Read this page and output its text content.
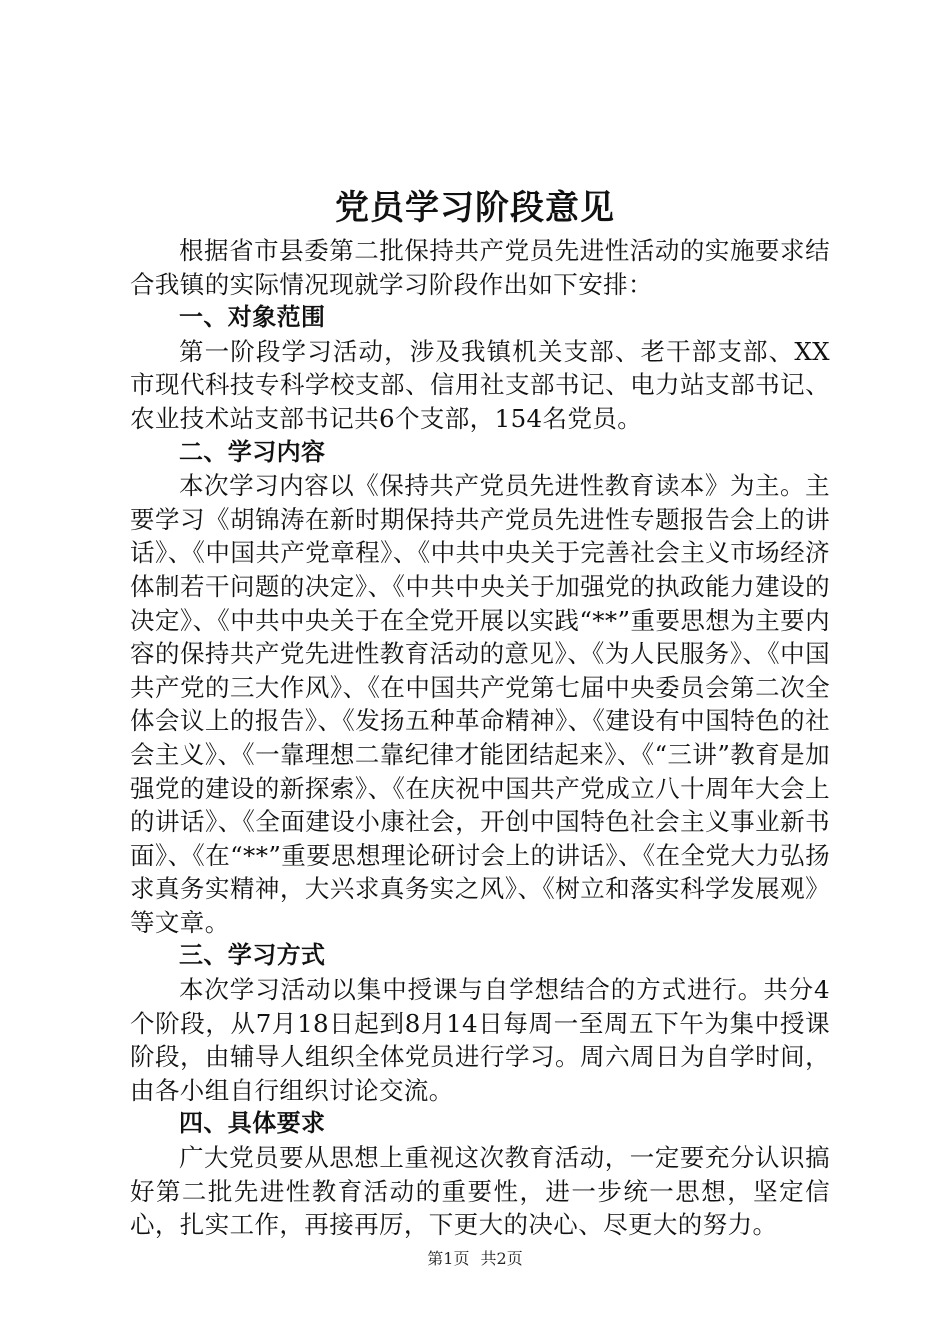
党员学习阶段意见

根据省市县委第二批保持共产党员先进性活动的实施要求结合我镇的实际情况现就学习阶段作出如下安排：

一、对象范围

第一阶段学习活动，涉及我镇机关支部、老干部支部、XX市现代科技专科学校支部、信用社支部书记、电力站支部书记、农业技术站支部书记共6个支部，154名党员。

二、学习内容

本次学习内容以《保持共产党员先进性教育读本》为主。主要学习《胡锦涛在新时期保持共产党员先进性专题报告会上的讲话》、《中国共产党章程》、《中共中央关于完善社会主义市场经济体制若干问题的决定》、《中共中央关于加强党的执政能力建设的决定》、《中共中央关于在全党开展以实践“**”重要思想为主要内容的保持共产党先进性教育活动的意见》、《为人民服务》、《中国共产党的三大作风》、《在中国共产党第七届中央委员会第二次全体会议上的报告》、《发扬五种革命精神》、《建设有中国特色的社会主义》、《一靠理想二靠纪律才能团结起来》、《“三讲”教育是加强党的建设的新探索》、《在庆祝中国共产党成立八十周年大会上的讲话》、《全面建设小康社会，开创中国特色社会主义事业新书面》、《在“**”重要思想理论研讨会上的讲话》、《在全党大力弘扬求真务实精神，大兴求真务实之风》、《树立和落实科学发展观》等文章。

三、学习方式

本次学习活动以集中授课与自学想结合的方式进行。共分4个阶段，从7月18日起到8月14日每周一至周五下午为集中授课阶段，由辅导人组织全体党员进行学习。周六周日为自学时间，由各小组自行组织讨论交流。

四、具体要求

广大党员要从思想上重视这次教育活动，一定要充分认识搞好第二批先进性教育活动的重要性，进一步统一思想，坚定信心，扎实工作，再接再厉，下更大的决心、尽更大的努力。

第1页 共2页
